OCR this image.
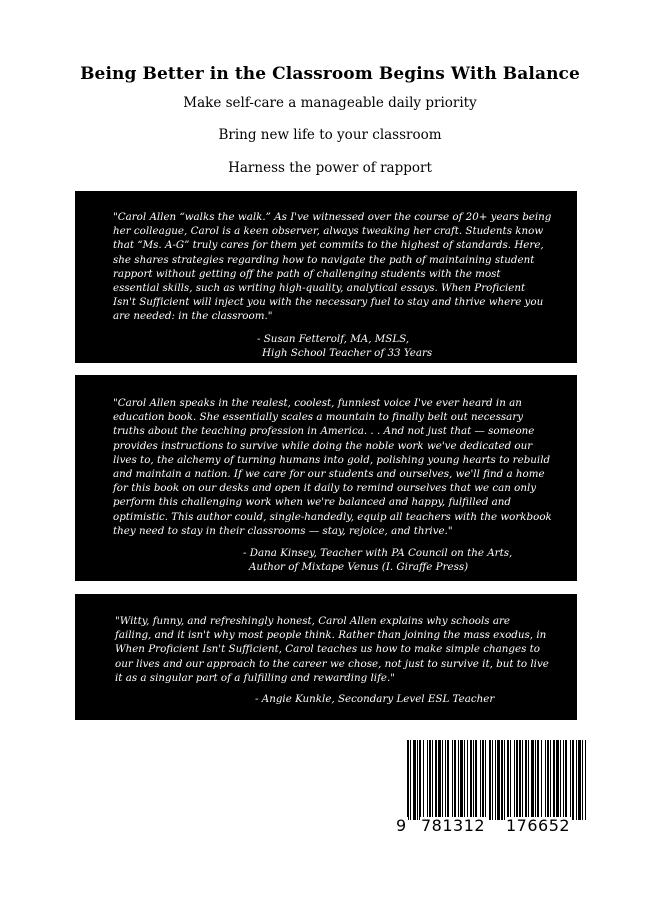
Being Better in the Classroom Begins With Balance
Make self-care a manageable daily priority
Bring new life to your classroom
Harness the power of rapport

"Carol Allen “walks the walk.” As I've witnessed over the course of 20+ years being

her colleague, Carol is a keen observer, always tweaking her craft. Students know

that “Ms. A-G” truly cares for them yet commits to the highest of standards. Here,

she shares strategies regarding how to navigate the path of maintaining student

rapport without getting off the path of challenging students with the most

essential skills, such as writing high-quality, analytical essays. When Proficient

Isn't Sufficient will inject you with the necessary fuel to stay and thrive where you

are needed: in the classroom."

- Susan Fetterolf, MA, MSLS,

High School Teacher of 33 Years

"Carol Allen speaks in the realest, coolest, funniest voice I've ever heard in an

education book. She essentially scales a mountain to finally belt out necessary

truths about the teaching profession in America. . . And not just that — someone

provides instructions to survive while doing the noble work we've dedicated our

lives to, the alchemy of turning humans into gold, polishing young hearts to rebuild

and maintain a nation. If we care for our students and ourselves, we'll find a home

for this book on our desks and open it daily to remind ourselves that we can only

perform this challenging work when we're balanced and happy, fulfilled and

optimistic. This author could, single-handedly, equip all teachers with the workbook

they need to stay in their classrooms — stay, rejoice, and thrive."

- Dana Kinsey, Teacher with PA Council on the Arts,

Author of Mixtape Venus (I. Giraffe Press)

"Witty, funny, and refreshingly honest, Carol Allen explains why schools are

failing, and it isn't why most people think. Rather than joining the mass exodus, in

When Proficient Isn't Sufficient, Carol teaches us how to make simple changes to

our lives and our approach to the career we chose, not just to survive it, but to live

it as a singular part of a fulfilling and rewarding life."

- Angie Kunkle, Secondary Level ESL Teacher

9 781312 176652
